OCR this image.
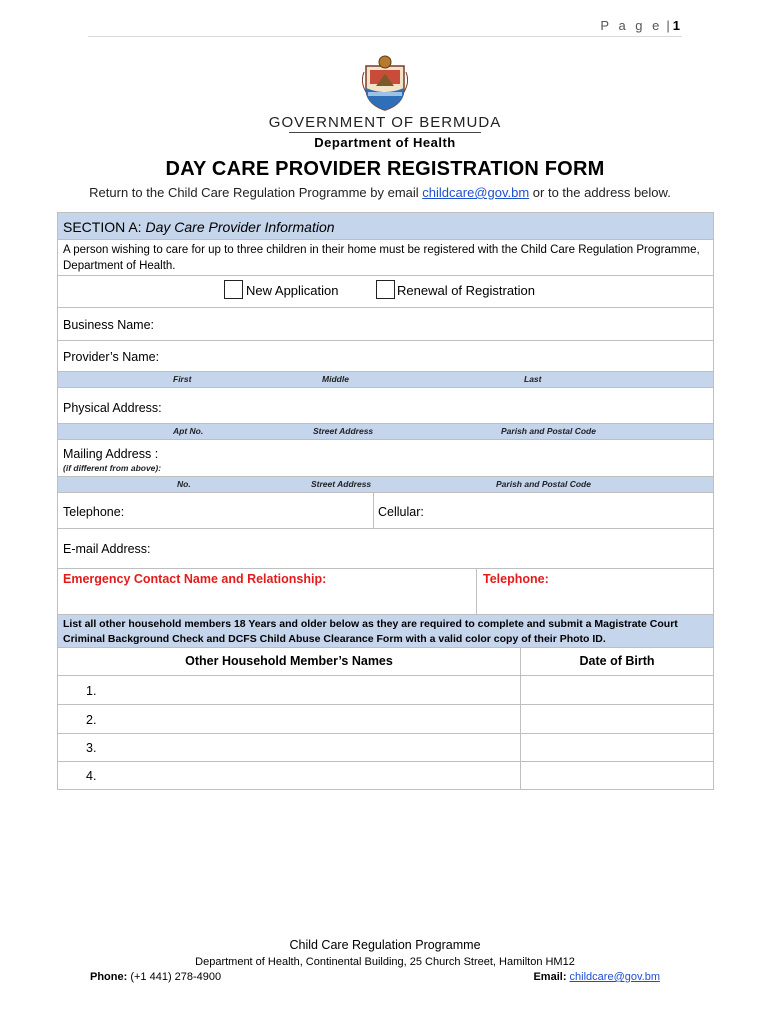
P a g e | 1
GOVERNMENT OF BERMUDA
Department of Health
DAY CARE PROVIDER REGISTRATION FORM
Return to the Child Care Regulation Programme by email childcare@gov.bm or to the address below.
SECTION A: Day Care Provider Information
A person wishing to care for up to three children in their home must be registered with the Child Care Regulation Programme, Department of Health.
New Application	Renewal of Registration
Business Name:
Provider’s Name:
First	Middle	Last
Physical Address:
Apt No.	Street Address	Parish and Postal Code
Mailing Address :
(if different from above):
No.	Street Address	Parish and Postal Code
Telephone:	Cellular:
E-mail Address:
Emergency Contact Name and Relationship:	Telephone:
List all other household members 18 Years and older below as they are required to complete and submit a Magistrate Court Criminal Background Check and DCFS Child Abuse Clearance Form with a valid color copy of their Photo ID.
Other Household Member’s Names	Date of Birth
1.
2.
3.
4.
Child Care Regulation Programme
Department of Health, Continental Building, 25 Church Street, Hamilton HM12
Phone: (+1 441) 278-4900	Email: childcare@gov.bm
